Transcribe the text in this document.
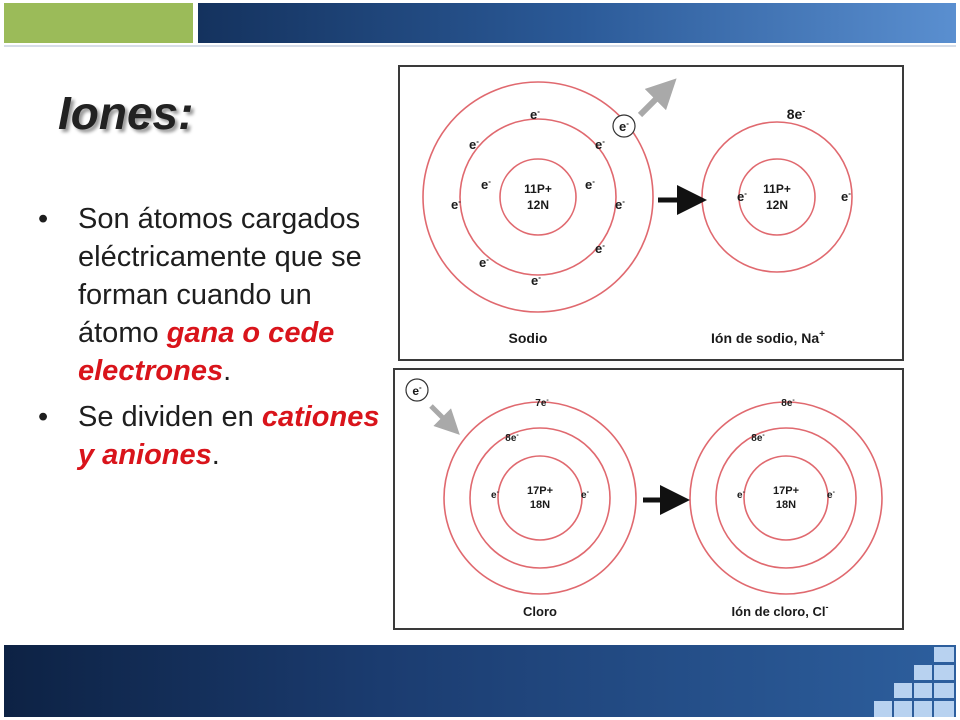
Iones:
• Son átomos cargados eléctricamente que se forman cuando un átomo gana o cede electrones.
• Se dividen en cationes y aniones.
11P+
12N
11P+
12N
e-	e-
e-
e-	e-
e-	e-
e-
e-
e-
e-
e-	e-
8e-
Sodio	Ión de sodio, Na+
17P+
18N
17P+
18N
7e-
8e-
8e-
8e-
e-	e-	e-	e-
e-
Cloro	Ión de cloro, Cl-
